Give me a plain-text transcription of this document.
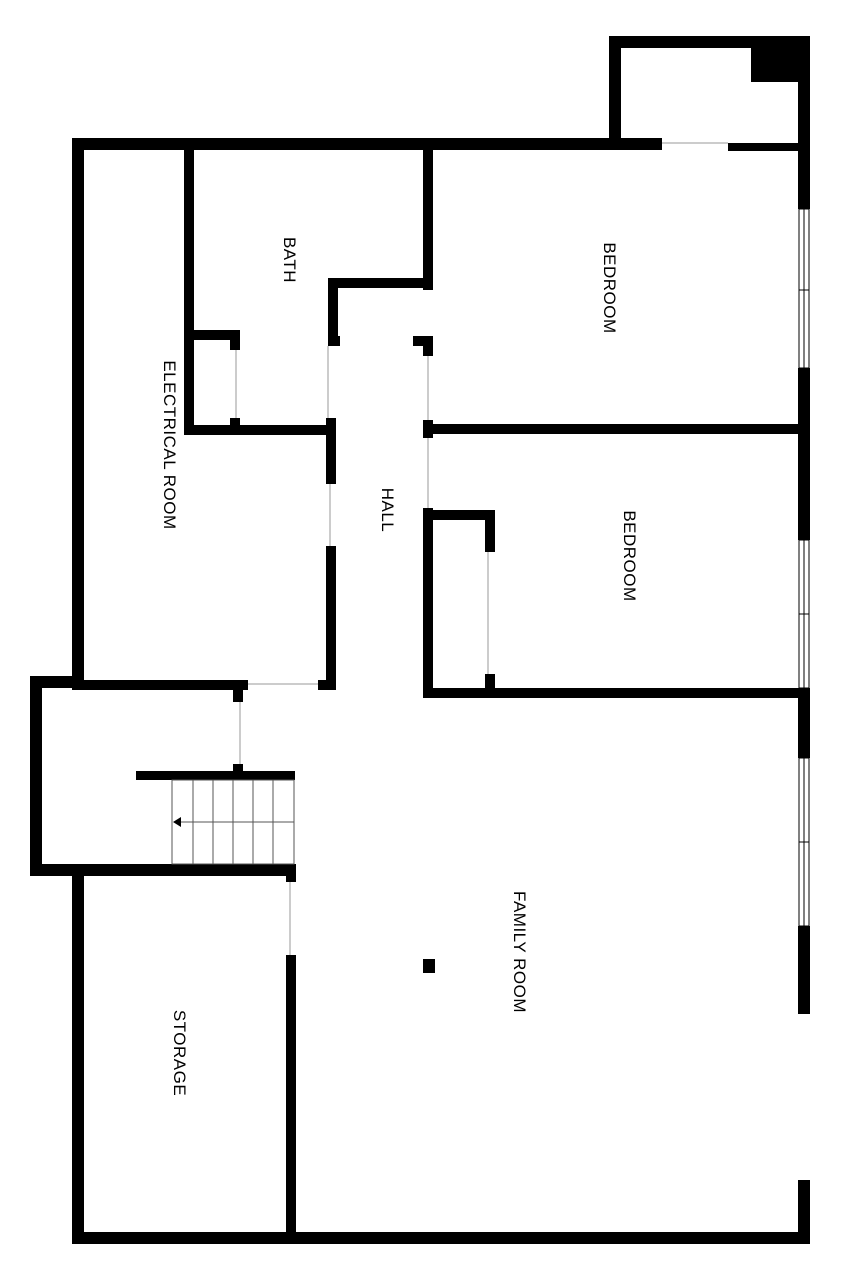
BATH
ELECTRICAL ROOM
BEDROOM
HALL
BEDROOM
FAMILY ROOM
STORAGE
